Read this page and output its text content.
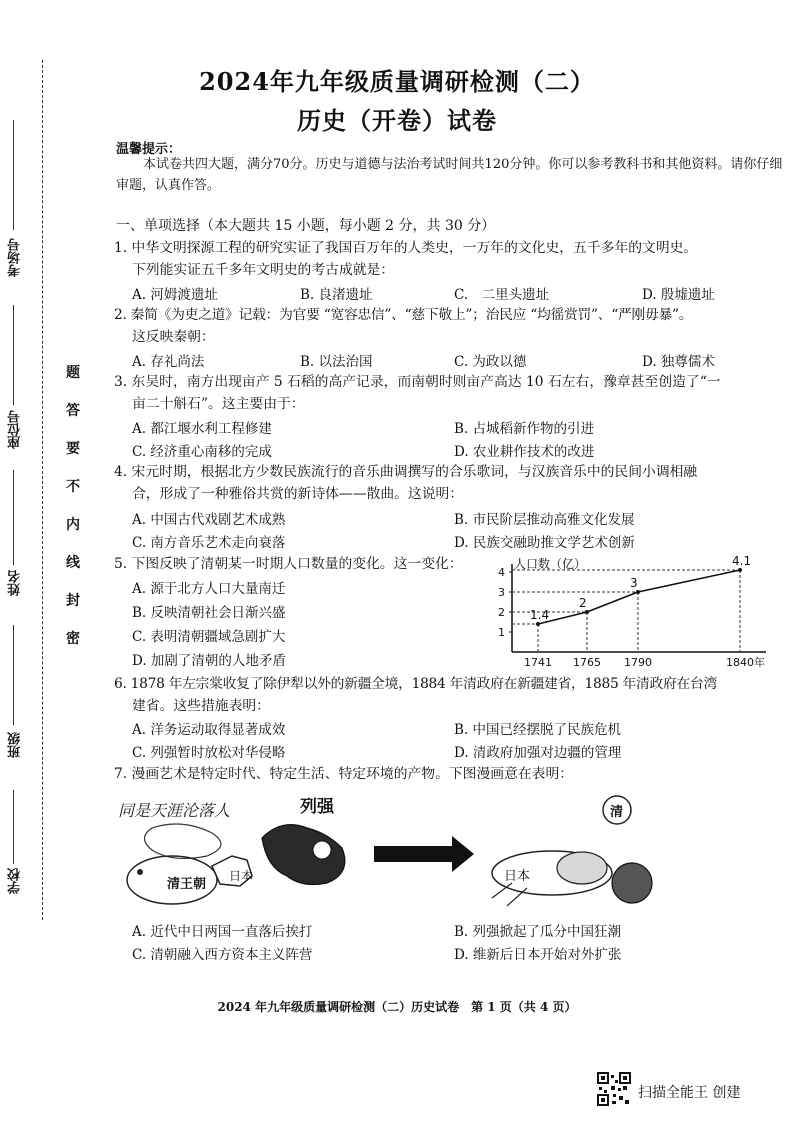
考场号
座位号
姓名
班级
学校
题
答
要
不
内
线
封
密
2024年九年级质量调研检测（二）
历史（开卷）试卷
温馨提示：
本试卷共四大题，满分70分。历史与道德与法治考试时间共120分钟。你可以参考教科书和其他资料。请你仔细审题，认真作答。
一、单项选择（本大题共 15 小题，每小题 2 分，共 30 分）
1. 中华文明探源工程的研究实证了我国百万年的人类史，一万年的文化史，五千多年的文明史。
下列能实证五千多年文明史的考古成就是：
A. 河姆渡遗址	B. 良渚遗址	C.　二里头遗址	D. 殷墟遗址
2. 秦简《为吏之道》记载：为官要 “宽容忠信”、“慈下敬上”；治民应 “均徭赏罚”、“严刚毋暴”。
这反映秦朝：
A. 存礼尚法	B. 以法治国	C. 为政以德	D. 独尊儒术
3. 东吴时，南方出现亩产 5 石稻的高产记录，而南朝时则亩产高达 10 石左右，豫章甚至创造了“一
亩二十斛石”。这主要由于：
A. 都江堰水利工程修建	B. 占城稻新作物的引进
C. 经济重心南移的完成	D. 农业耕作技术的改进
4. 宋元时期，根据北方少数民族流行的音乐曲调撰写的合乐歌词，与汉族音乐中的民间小调相融
合，形成了一种雅俗共赏的新诗体——散曲。这说明：
A. 中国古代戏剧艺术成熟	B. 市民阶层推动高雅文化发展
C. 南方音乐艺术走向衰落	D. 民族交融助推文学艺术创新
5. 下图反映了清朝某一时期人口数量的变化。这一变化：
A. 源于北方人口大量南迁
B. 反映清朝社会日渐兴盛
C. 表明清朝疆域急剧扩大
D. 加剧了清朝的人地矛盾
人口数（亿）
1
2
3
4
1741 1765 1790	1840年
1.4
2
3
4.1
6. 1878 年左宗棠收复了除伊犁以外的新疆全境，1884 年清政府在新疆建省，1885 年清政府在台湾
建省。这些措施表明：
A. 洋务运动取得显著成效	B. 中国已经摆脱了民族危机
C. 列强暂时放松对华侵略	D. 清政府加强对边疆的管理
7. 漫画艺术是特定时代、特定生活、特定环境的产物。下图漫画意在表明：
同是天涯沦落人
清王朝
日本
列强	清
日本
A. 近代中日两国一直落后挨打	B. 列强掀起了瓜分中国狂潮
C. 清朝融入西方资本主义阵营	D. 维新后日本开始对外扩张
2024 年九年级质量调研检测（二）历史试卷　第 1 页（共 4 页）
扫描全能王 创建
